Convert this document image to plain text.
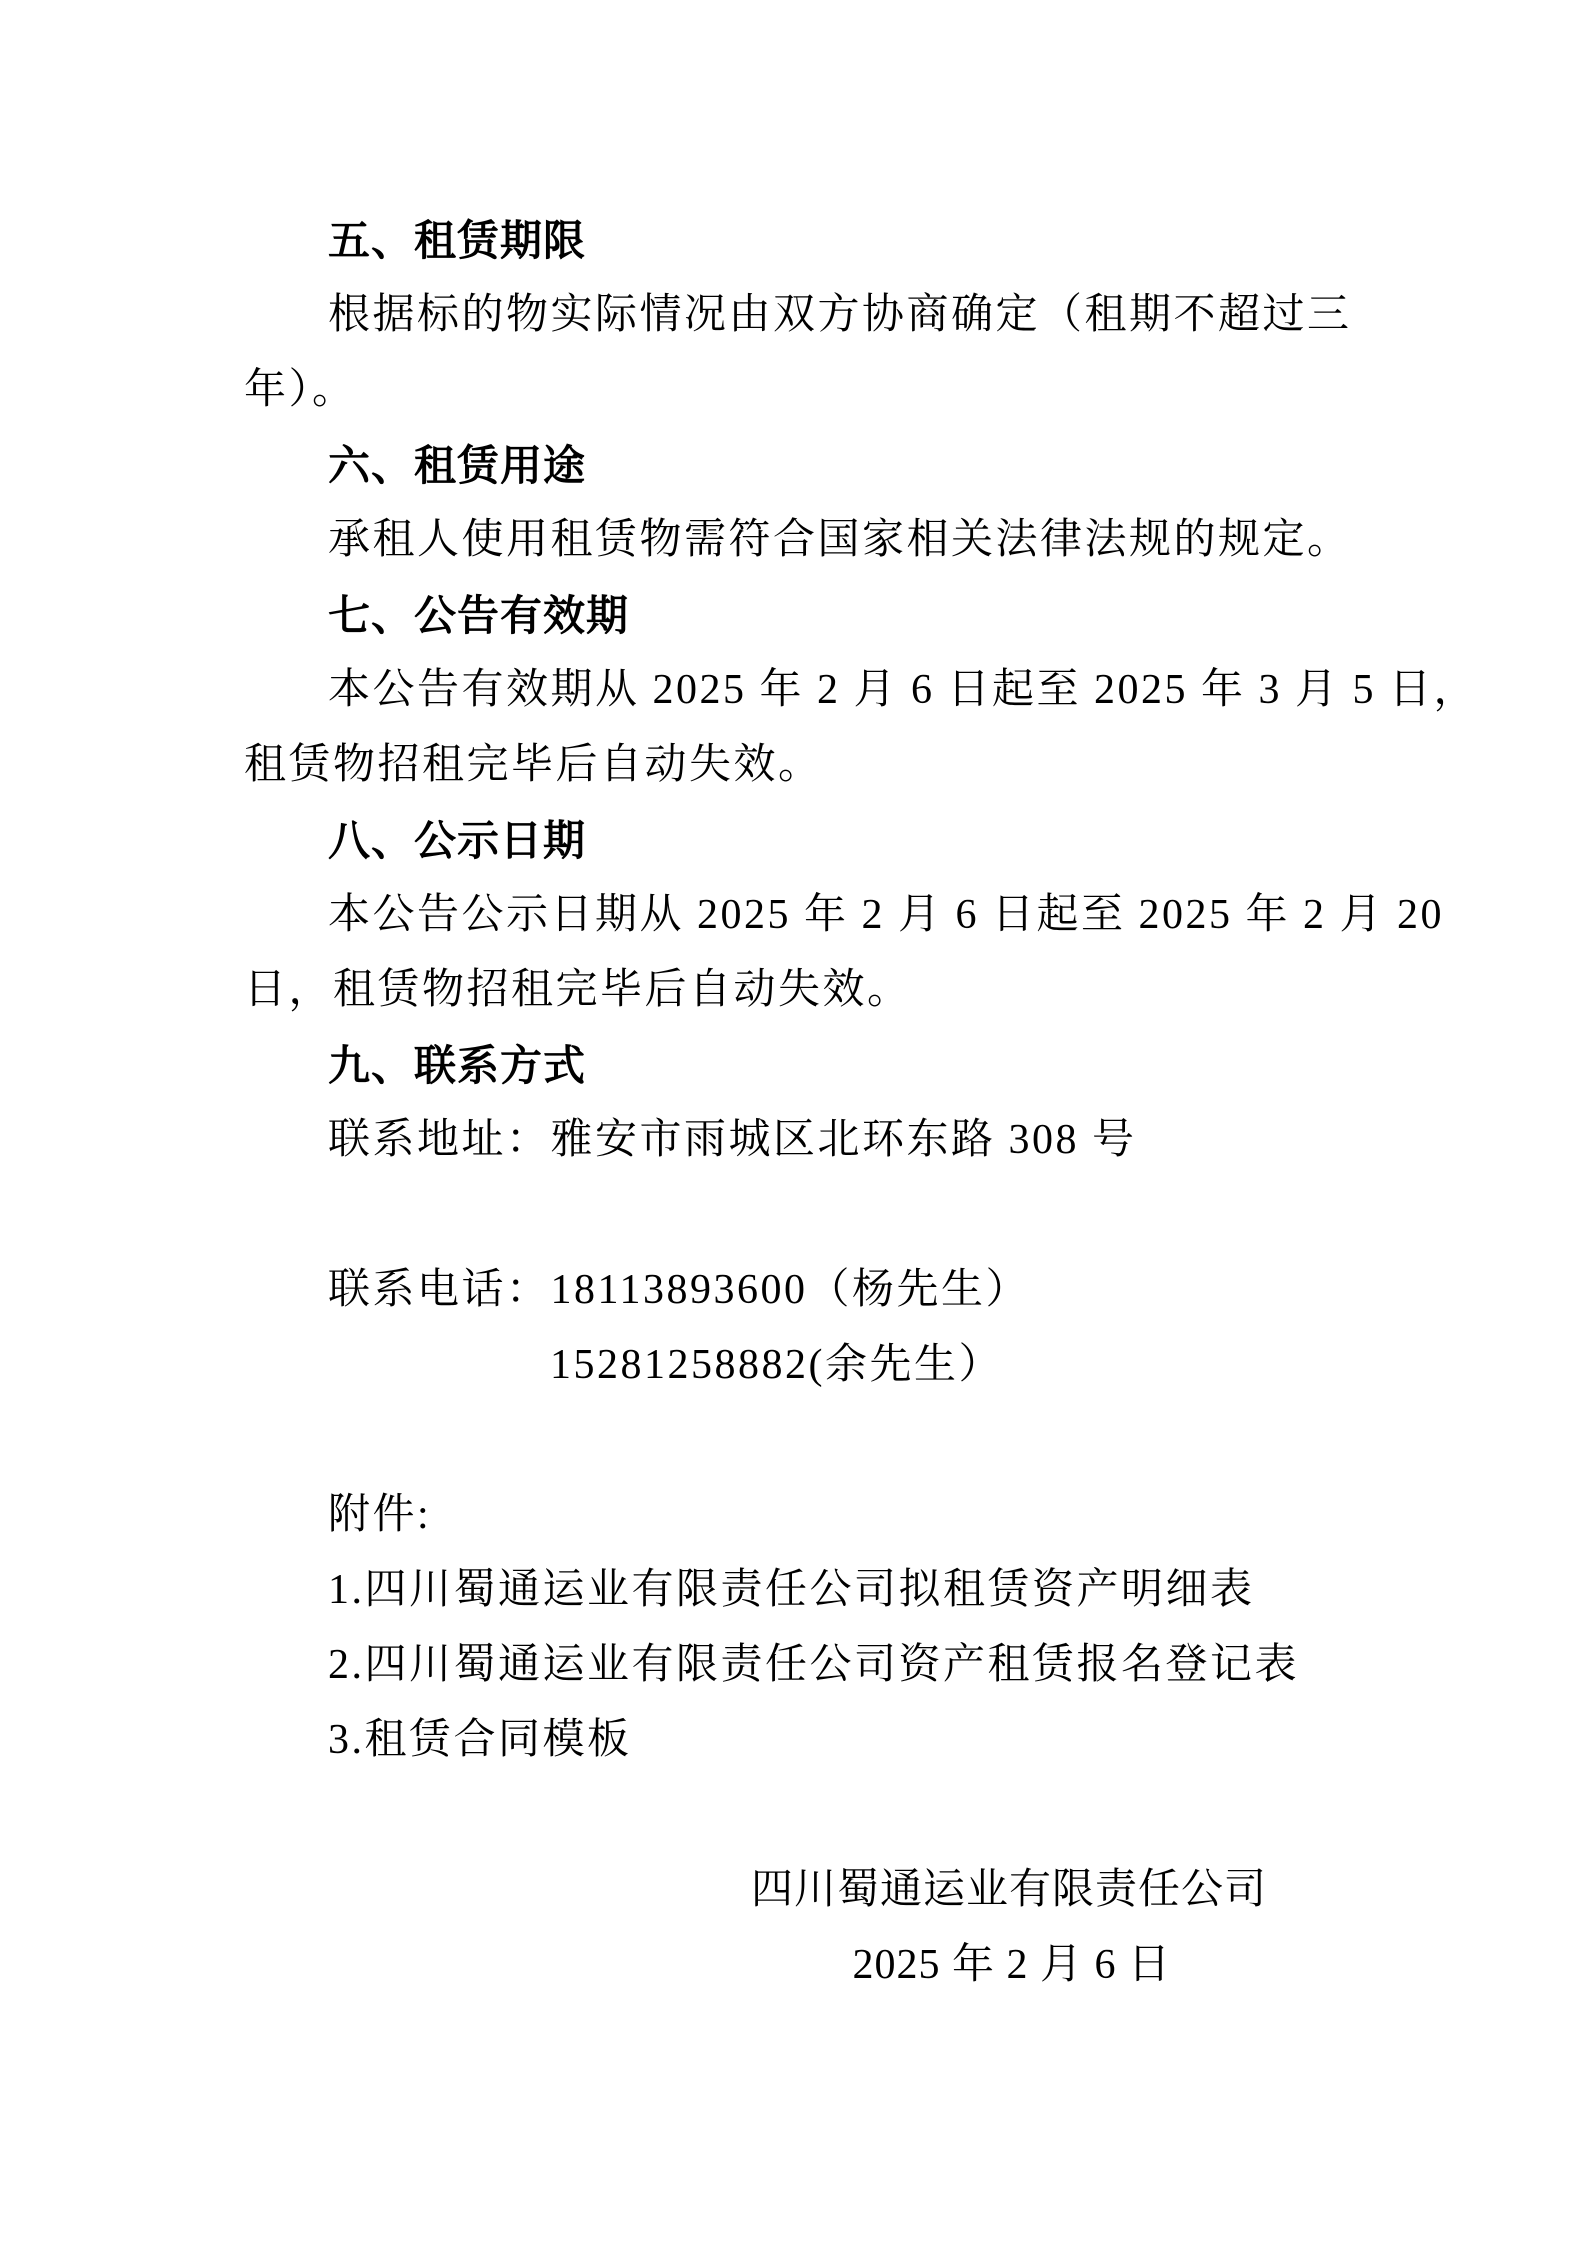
五、租赁期限
根据标的物实际情况由双方协商确定（租期不超过三
年）。
六、租赁用途
承租人使用租赁物需符合国家相关法律法规的规定。
七、公告有效期
本公告有效期从 2025 年 2 月 6 日起至 2025 年 3 月 5 日，
租赁物招租完毕后自动失效。
八、公示日期
本公告公示日期从 2025 年 2 月 6 日起至 2025 年 2 月 20
日，租赁物招租完毕后自动失效。
九、联系方式
联系地址：雅安市雨城区北环东路 308 号
联系电话：18113893600（杨先生）
15281258882(余先生）
附件:
1.四川蜀通运业有限责任公司拟租赁资产明细表
2.四川蜀通运业有限责任公司资产租赁报名登记表
3.租赁合同模板
四川蜀通运业有限责任公司
2025 年 2 月 6 日
